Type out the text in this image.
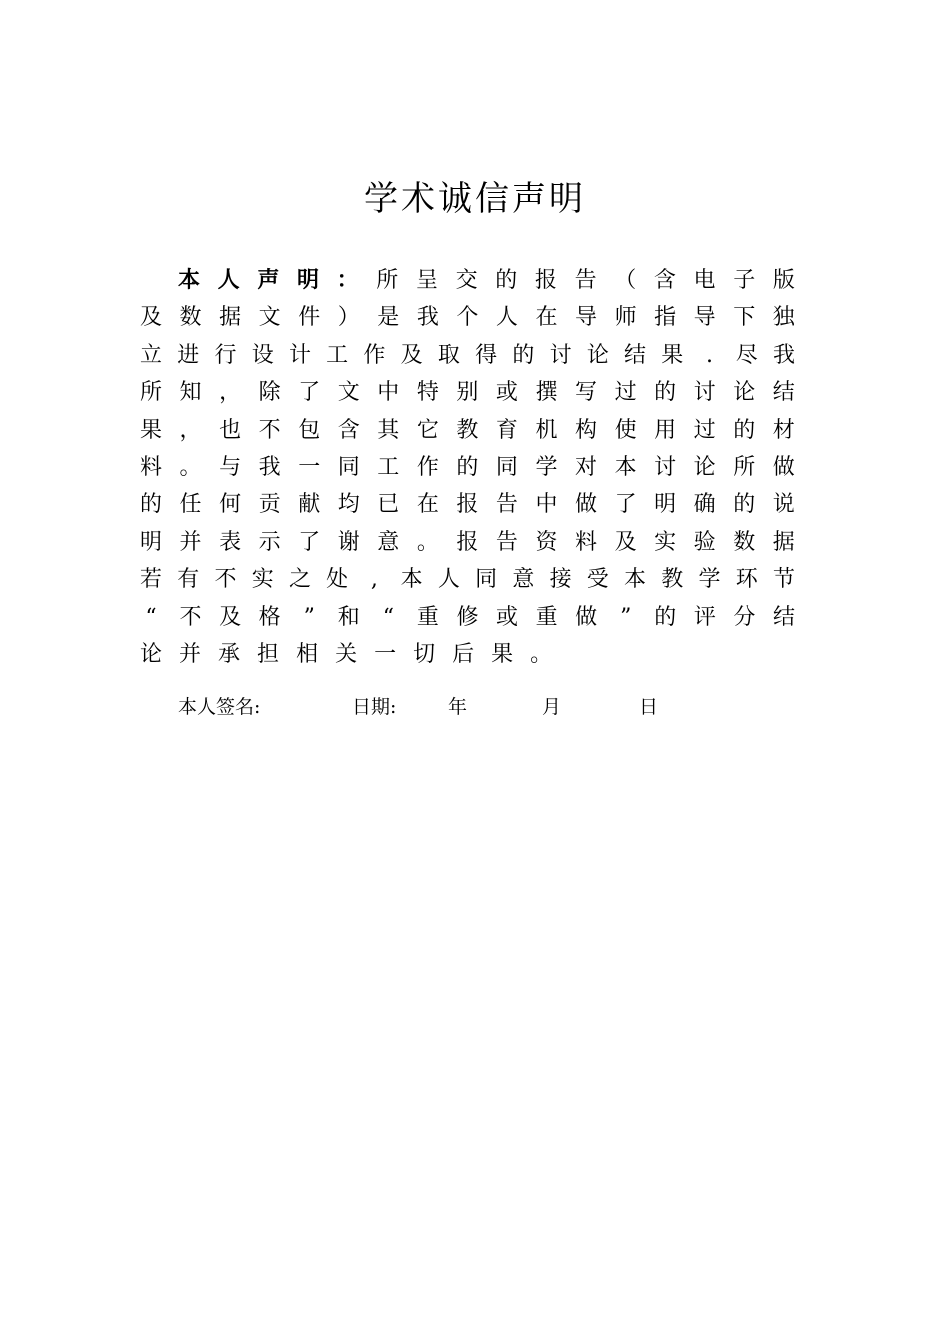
学术诚信声明
本 人 声 明 ： 所 呈 交 的 报 告 （ 含 电 子 版
及 数 据 文 件 ） 是 我 个 人 在 导 师 指 导 下 独
立 进 行 设 计 工 作 及 取 得 的 讨 论 结 果	.	尽 我
所 知 ， 除 了 文 中 特 别 或 撰 写 过 的 讨 论 结
果 ， 也 不 包 含 其 它 教 育 机 构 使 用 过 的 材
料 。 与 我 一 同 工 作 的 同 学 对 本 讨 论 所 做
的 任 何 贡 献 均 已 在 报 告 中 做 了 明 确 的 说
明 并 表 示 了 谢 意 。 报 告 资 料 及 实 验 数 据
若 有 不 实 之 处	,	本 人 同 意 接 受 本 教 学 环 节
“ 不 及 格 ” 和 “ 重 修 或 重 做 ” 的 评 分 结
论 并 承 担 相 关 一 切 后 果 。
本人签名:	日期:	年	月	日
